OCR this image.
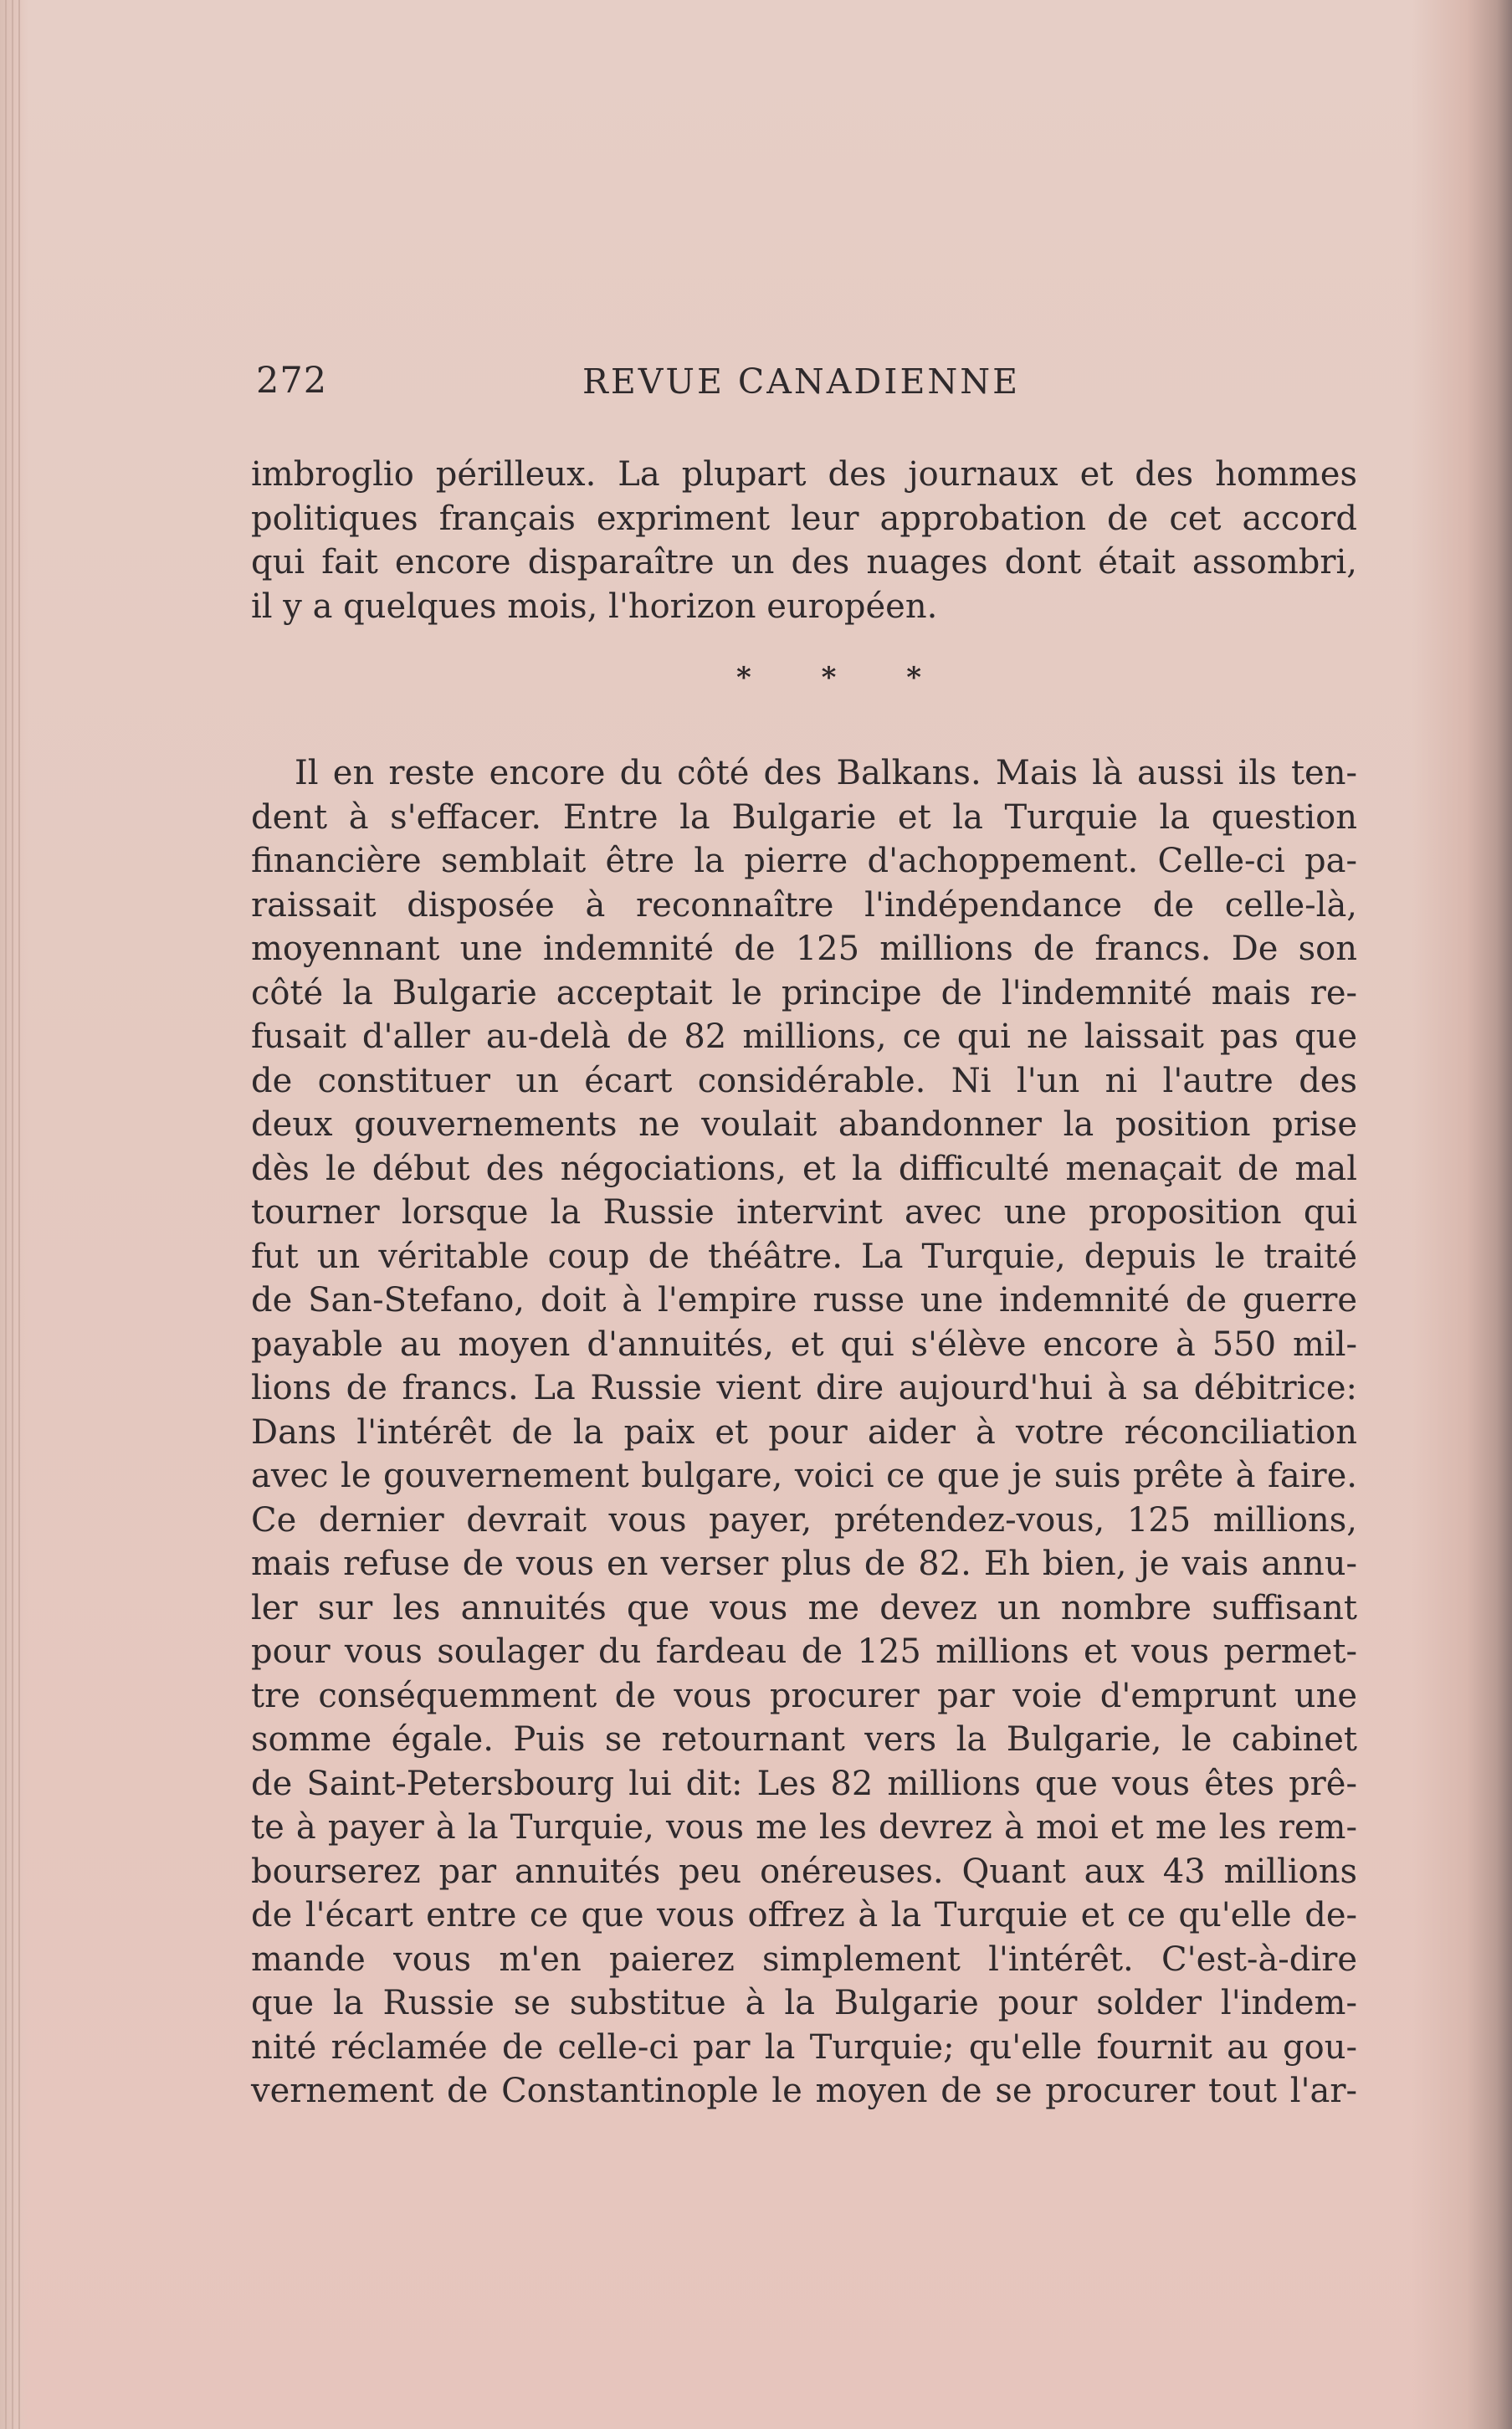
272	REVUE CANADIENNE
imbroglio périlleux. La plupart des journaux et des hommes
politiques français expriment leur approbation de cet accord
qui fait encore disparaître un des nuages dont était assombri,
il y a quelques mois, l'horizon européen.
* * *
Il en reste encore du côté des Balkans. Mais là aussi ils ten-
dent à s'effacer. Entre la Bulgarie et la Turquie la question
financière semblait être la pierre d'achoppement. Celle-ci pa-
raissait disposée à reconnaître l'indépendance de celle-là,
moyennant une indemnité de 125 millions de francs. De son
côté la Bulgarie acceptait le principe de l'indemnité mais re-
fusait d'aller au-delà de 82 millions, ce qui ne laissait pas que
de constituer un écart considérable. Ni l'un ni l'autre des
deux gouvernements ne voulait abandonner la position prise
dès le début des négociations, et la difficulté menaçait de mal
tourner lorsque la Russie intervint avec une proposition qui
fut un véritable coup de théâtre. La Turquie, depuis le traité
de San-Stefano, doit à l'empire russe une indemnité de guerre
payable au moyen d'annuités, et qui s'élève encore à 550 mil-
lions de francs. La Russie vient dire aujourd'hui à sa débitrice:
Dans l'intérêt de la paix et pour aider à votre réconciliation
avec le gouvernement bulgare, voici ce que je suis prête à faire.
Ce dernier devrait vous payer, prétendez-vous, 125 millions,
mais refuse de vous en verser plus de 82. Eh bien, je vais annu-
ler sur les annuités que vous me devez un nombre suffisant
pour vous soulager du fardeau de 125 millions et vous permet-
tre conséquemment de vous procurer par voie d'emprunt une
somme égale. Puis se retournant vers la Bulgarie, le cabinet
de Saint-Petersbourg lui dit: Les 82 millions que vous êtes prê-
te à payer à la Turquie, vous me les devrez à moi et me les rem-
bourserez par annuités peu onéreuses. Quant aux 43 millions
de l'écart entre ce que vous offrez à la Turquie et ce qu'elle de-
mande vous m'en paierez simplement l'intérêt. C'est-à-dire
que la Russie se substitue à la Bulgarie pour solder l'indem-
nité réclamée de celle-ci par la Turquie; qu'elle fournit au gou-
vernement de Constantinople le moyen de se procurer tout l'ar-
